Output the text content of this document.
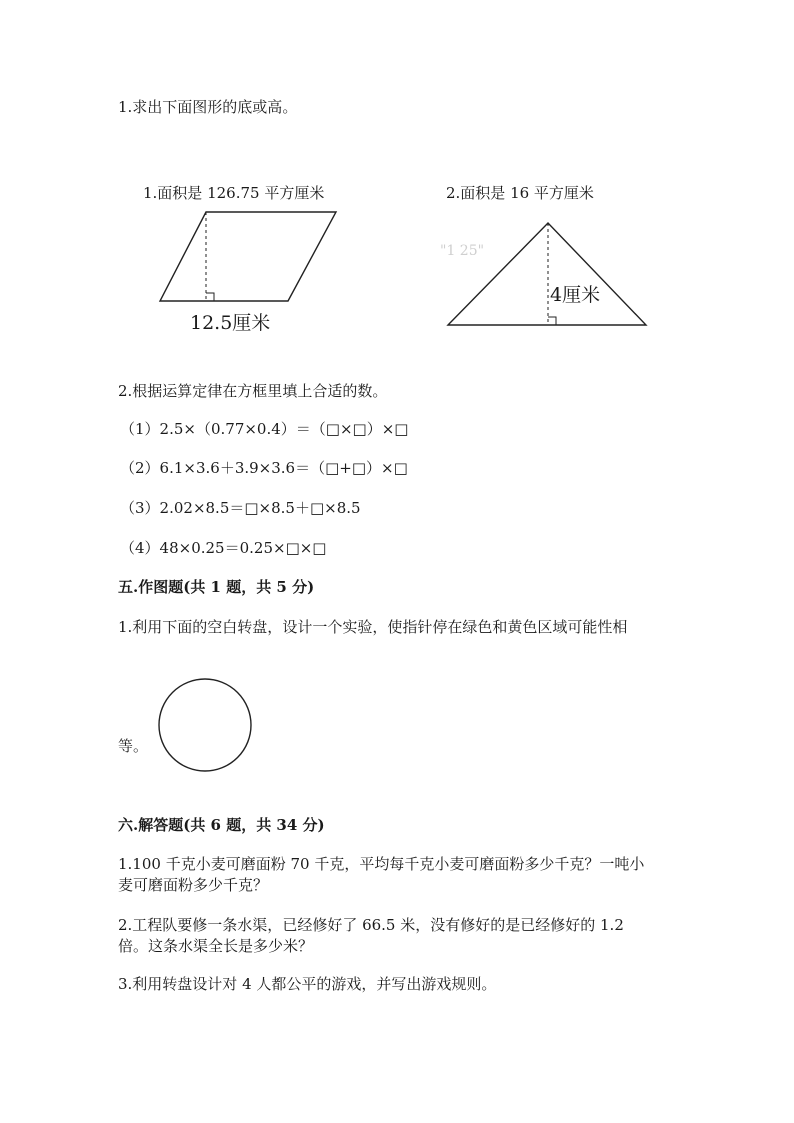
1.求出下面图形的底或高。
1.面积是 126.75 平方厘米
12.5厘米
2.面积是 16 平方厘米
"1 25"
4厘米
2.根据运算定律在方框里填上合适的数。
（1）2.5×（0.77×0.4）＝（□×□）×□
（2）6.1×3.6＋3.9×3.6＝（□+□）×□
（3）2.02×8.5＝□×8.5＋□×8.5
（4）48×0.25＝0.25×□×□
五.作图题(共 1 题，共 5 分)
1.利用下面的空白转盘，设计一个实验，使指针停在绿色和黄色区域可能性相
等。
六.解答题(共 6 题，共 34 分)
1.100 千克小麦可磨面粉 70 千克，平均每千克小麦可磨面粉多少千克？一吨小
麦可磨面粉多少千克？
2.工程队要修一条水渠，已经修好了 66.5 米，没有修好的是已经修好的 1.2
倍。这条水渠全长是多少米？
3.利用转盘设计对 4 人都公平的游戏，并写出游戏规则。
